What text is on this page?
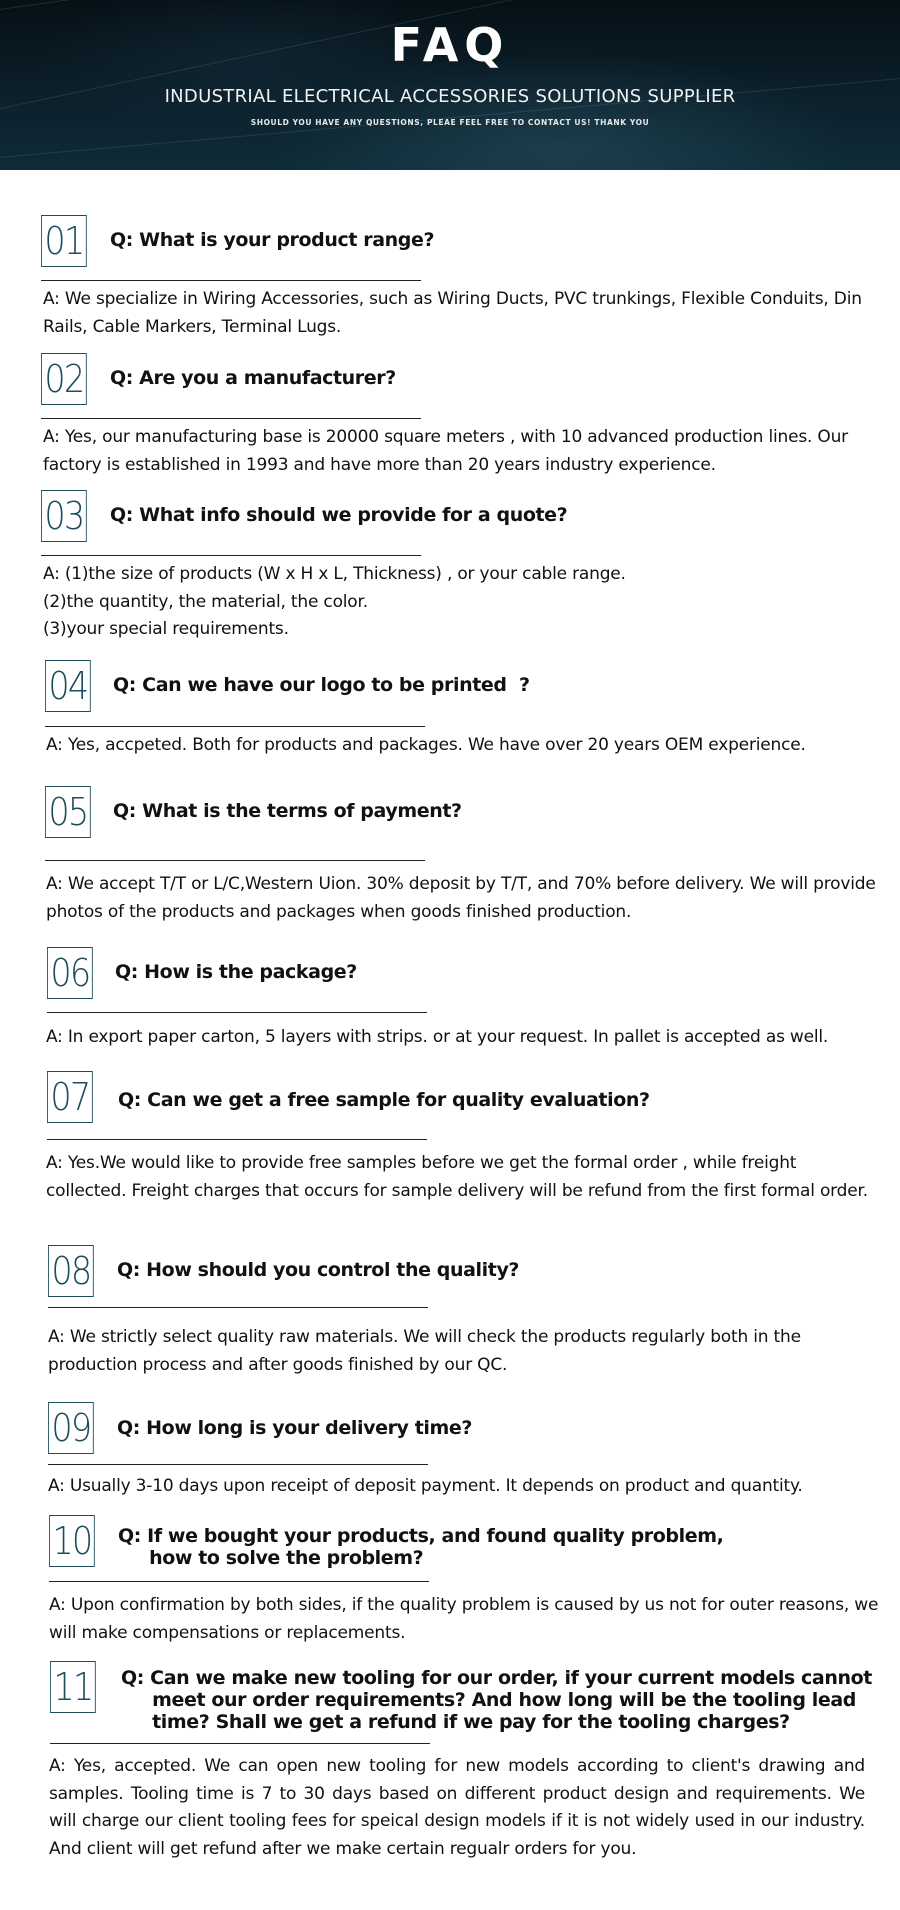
FAQ
INDUSTRIAL ELECTRICAL ACCESSORIES SOLUTIONS SUPPLIER
SHOULD YOU HAVE ANY QUESTIONS, PLEAE FEEL FREE TO CONTACT US! THANK YOU
01 Q: What is your product range?
A: We specialize in Wiring Accessories, such as Wiring Ducts, PVC trunkings, Flexible Conduits, Din Rails, Cable Markers, Terminal Lugs.
02 Q: Are you a manufacturer?
A: Yes, our manufacturing base is 20000 square meters , with 10 advanced production lines. Our factory is established in 1993 and have more than 20 years industry experience.
03 Q: What info should we provide for a quote?
A: (1)the size of products (W x H x L, Thickness) , or your cable range.
(2)the quantity, the material, the color.
(3)your special requirements.
04 Q: Can we have our logo to be printed  ?
A: Yes, accpeted. Both for products and packages. We have over 20 years OEM experience.
05 Q: What is the terms of payment?
A: We accept T/T or L/C,Western Uion. 30% deposit by T/T, and 70% before delivery. We will provide photos of the products and packages when goods finished production.
06 Q: How is the package?
A: In export paper carton, 5 layers with strips. or at your request. In pallet is accepted as well.
07 Q: Can we get a free sample for quality evaluation?
A: Yes.We would like to provide free samples before we get the formal order , while freight collected. Freight charges that occurs for sample delivery will be refund from the first formal order.
08 Q: How should you control the quality?
A: We strictly select quality raw materials. We will check the products regularly both in the production process and after goods finished by our QC.
09 Q: How long is your delivery time?
A: Usually 3-10 days upon receipt of deposit payment. It depends on product and quantity.
10 Q: If we bought your products, and found quality problem,
how to solve the problem?
A: Upon confirmation by both sides, if the quality problem is caused by us not for outer reasons, we will make compensations or replacements.
11 Q: Can we make new tooling for our order, if your current models cannot
meet our order requirements? And how long will be the tooling lead
time? Shall we get a refund if we pay for the tooling charges?
A: Yes, accepted. We can open new tooling for new models according to client's drawing and samples. Tooling time is 7 to 30 days based on different product design and requirements. We will charge our client tooling fees for speical design models if it is not widely used in our industry. And client will get refund after we make certain regualr orders for you.
